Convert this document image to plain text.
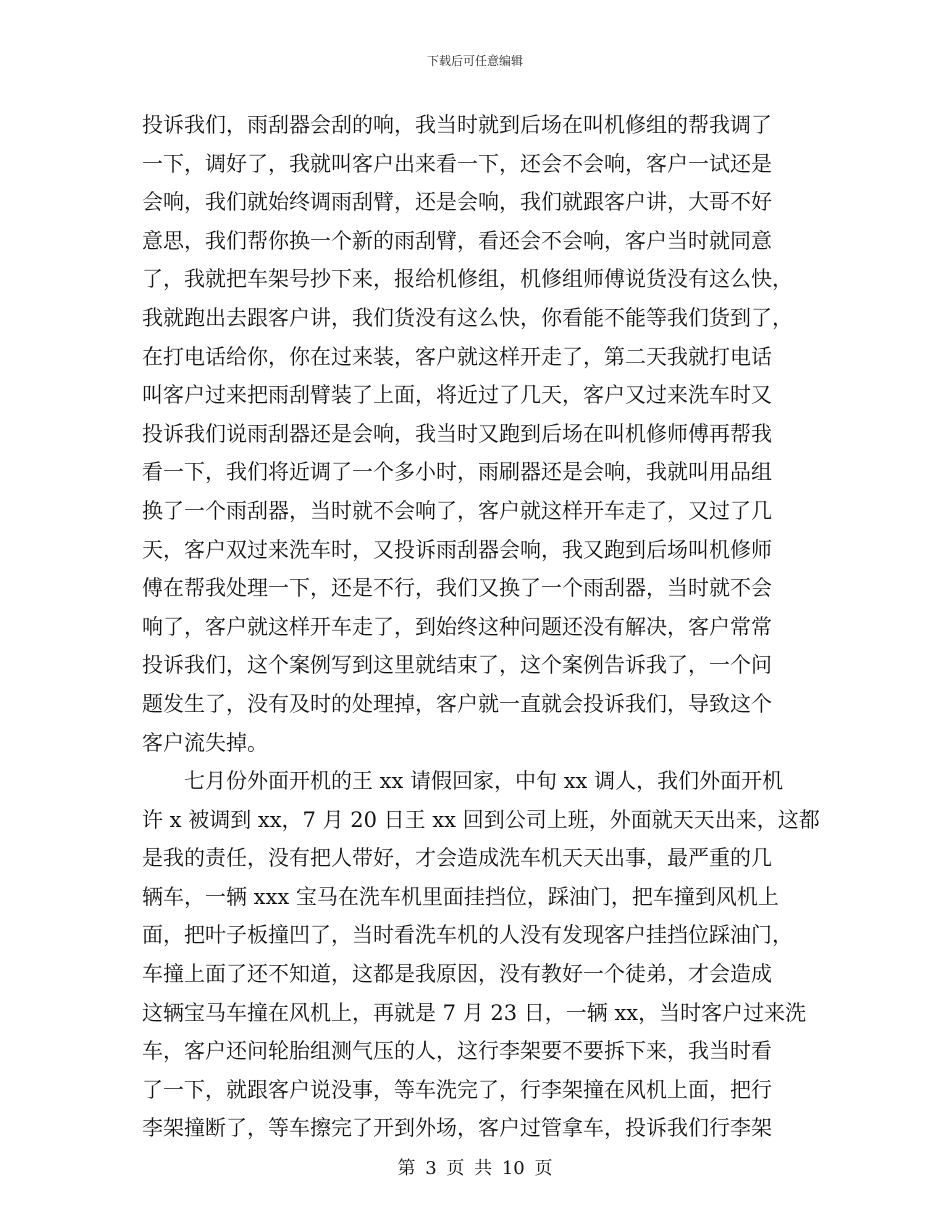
下载后可任意编辑
投诉我们，雨刮器会刮的响，我当时就到后场在叫机修组的帮我调了
一下，调好了，我就叫客户出来看一下，还会不会响，客户一试还是
会响，我们就始终调雨刮臂，还是会响，我们就跟客户讲，大哥不好
意思，我们帮你换一个新的雨刮臂，看还会不会响，客户当时就同意
了，我就把车架号抄下来，报给机修组，机修组师傅说货没有这么快，
我就跑出去跟客户讲，我们货没有这么快，你看能不能等我们货到了，
在打电话给你，你在过来装，客户就这样开走了，第二天我就打电话
叫客户过来把雨刮臂装了上面，将近过了几天，客户又过来洗车时又
投诉我们说雨刮器还是会响，我当时又跑到后场在叫机修师傅再帮我
看一下，我们将近调了一个多小时，雨刷器还是会响，我就叫用品组
换了一个雨刮器，当时就不会响了，客户就这样开车走了，又过了几
天，客户双过来洗车时，又投诉雨刮器会响，我又跑到后场叫机修师
傅在帮我处理一下，还是不行，我们又换了一个雨刮器，当时就不会
响了，客户就这样开车走了，到始终这种问题还没有解决，客户常常
投诉我们，这个案例写到这里就结束了，这个案例告诉我了，一个问
题发生了，没有及时的处理掉，客户就一直就会投诉我们，导致这个
客户流失掉。
　　七月份外面开机的王 xx 请假回家，中旬 xx 调人，我们外面开机
许 x 被调到 xx，7 月 20 日王 xx 回到公司上班，外面就天天出来，这都
是我的责任，没有把人带好，才会造成洗车机天天出事，最严重的几
辆车，一辆 xxx 宝马在洗车机里面挂挡位，踩油门，把车撞到风机上
面，把叶子板撞凹了，当时看洗车机的人没有发现客户挂挡位踩油门，
车撞上面了还不知道，这都是我原因，没有教好一个徒弟，才会造成
这辆宝马车撞在风机上，再就是 7 月 23 日，一辆 xx，当时客户过来洗
车，客户还问轮胎组测气压的人，这行李架要不要拆下来，我当时看
了一下，就跟客户说没事，等车洗完了，行李架撞在风机上面，把行
李架撞断了，等车擦完了开到外场，客户过管拿车，投诉我们行李架
第 3 页 共 10 页
